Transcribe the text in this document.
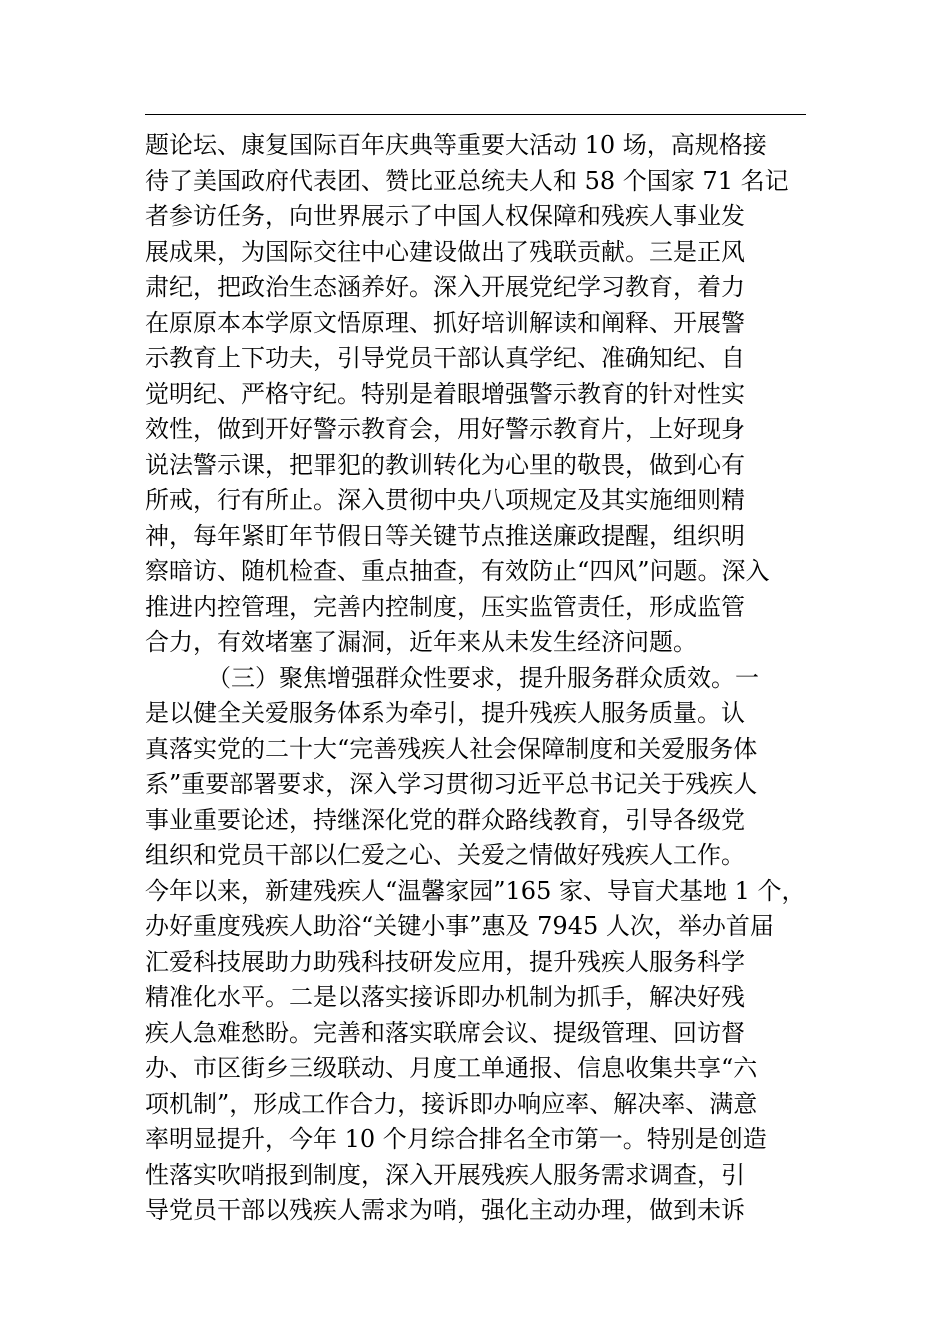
题论坛、康复国际百年庆典等重要大活动 10 场，高规格接
待了美国政府代表团、赞比亚总统夫人和 58 个国家 71 名记
者参访任务，向世界展示了中国人权保障和残疾人事业发
展成果，为国际交往中心建设做出了残联贡献。三是正风
肃纪，把政治生态涵养好。深入开展党纪学习教育，着力
在原原本本学原文悟原理、抓好培训解读和阐释、开展警
示教育上下功夫，引导党员干部认真学纪、准确知纪、自
觉明纪、严格守纪。特别是着眼增强警示教育的针对性实
效性，做到开好警示教育会，用好警示教育片，上好现身
说法警示课，把罪犯的教训转化为心里的敬畏，做到心有
所戒，行有所止。深入贯彻中央八项规定及其实施细则精
神，每年紧盯年节假日等关键节点推送廉政提醒，组织明
察暗访、随机检查、重点抽查，有效防止“四风”问题。深入
推进内控管理，完善内控制度，压实监管责任，形成监管
合力，有效堵塞了漏洞，近年来从未发生经济问题。
（三）聚焦增强群众性要求，提升服务群众质效。一
是以健全关爱服务体系为牵引，提升残疾人服务质量。认
真落实党的二十大“完善残疾人社会保障制度和关爱服务体
系”重要部署要求，深入学习贯彻习近平总书记关于残疾人
事业重要论述，持继深化党的群众路线教育，引导各级党
组织和党员干部以仁爱之心、关爱之情做好残疾人工作。
今年以来，新建残疾人“温馨家园”165 家、导盲犬基地 1 个，
办好重度残疾人助浴“关键小事”惠及 7945 人次，举办首届
汇爱科技展助力助残科技研发应用，提升残疾人服务科学
精准化水平。二是以落实接诉即办机制为抓手，解决好残
疾人急难愁盼。完善和落实联席会议、提级管理、回访督
办、市区街乡三级联动、月度工单通报、信息收集共享“六
项机制”，形成工作合力，接诉即办响应率、解决率、满意
率明显提升，今年 10 个月综合排名全市第一。特别是创造
性落实吹哨报到制度，深入开展残疾人服务需求调查，引
导党员干部以残疾人需求为哨，强化主动办理，做到未诉
